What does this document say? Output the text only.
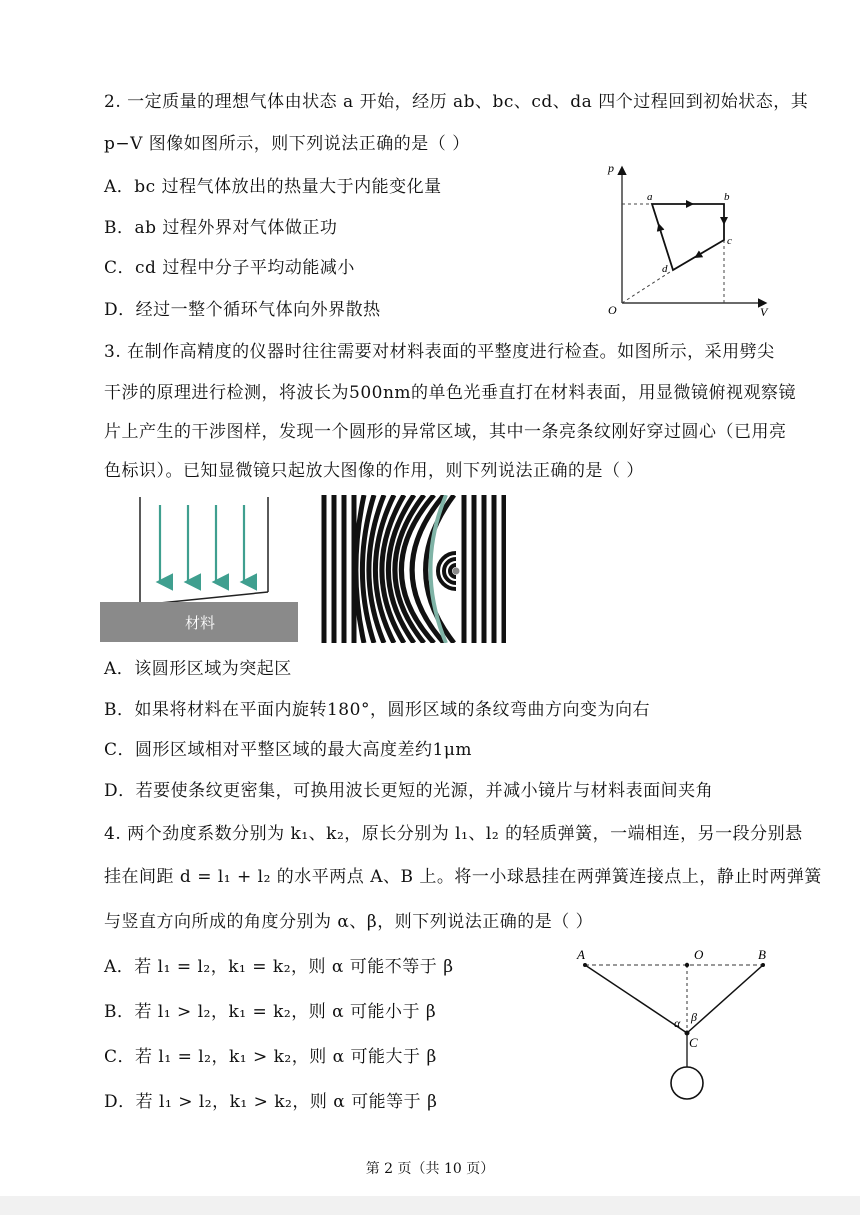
2. 一定质量的理想气体由状态 a 开始，经历 ab、bc、cd、da 四个过程回到初始状态，其
p−V 图像如图所示，则下列说法正确的是（ ）
A．bc 过程气体放出的热量大于内能变化量
B．ab 过程外界对气体做正功
C．cd 过程中分子平均动能减小
D．经过一整个循环气体向外界散热
p
V
O
a	b
c
d
3. 在制作高精度的仪器时往往需要对材料表面的平整度进行检查。如图所示，采用劈尖
干涉的原理进行检测，将波长为500nm的单色光垂直打在材料表面，用显微镜俯视观察镜
片上产生的干涉图样，发现一个圆形的异常区域，其中一条亮条纹刚好穿过圆心（已用亮
色标识）。已知显微镜只起放大图像的作用，则下列说法正确的是（ ）
材料
A．该圆形区域为突起区
B．如果将材料在平面内旋转180°，圆形区域的条纹弯曲方向变为向右
C．圆形区域相对平整区域的最大高度差约1μm
D．若要使条纹更密集，可换用波长更短的光源，并减小镜片与材料表面间夹角
4. 两个劲度系数分别为 k₁、k₂，原长分别为 l₁、l₂ 的轻质弹簧，一端相连，另一段分别悬
挂在间距 d = l₁ + l₂ 的水平两点 A、B 上。将一小球悬挂在两弹簧连接点上，静止时两弹簧
与竖直方向所成的角度分别为 α、β，则下列说法正确的是（ ）
A．若 l₁ = l₂，k₁ = k₂，则 α 可能不等于 β
B．若 l₁ > l₂，k₁ = k₂，则 α 可能小于 β
C．若 l₁ = l₂，k₁ > k₂，则 α 可能大于 β
D．若 l₁ > l₂，k₁ > k₂，则 α 可能等于 β
A	O	B
C
α β
第 2 页（共 10 页）
